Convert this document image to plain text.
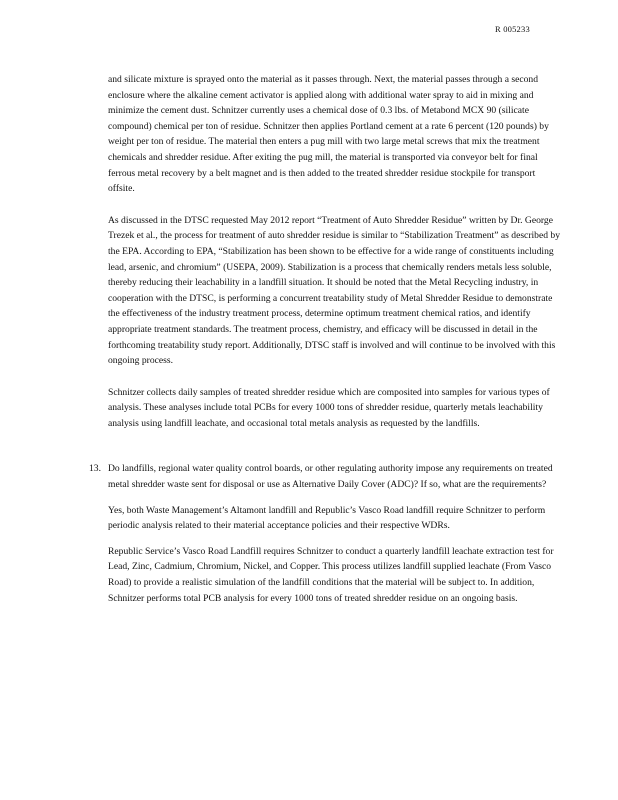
R 005233

and silicate mixture is sprayed onto the material as it passes through. Next, the material passes through a second enclosure where the alkaline cement activator is applied along with additional water spray to aid in mixing and minimize the cement dust. Schnitzer currently uses a chemical dose of 0.3 lbs. of Metabond MCX 90 (silicate compound) chemical per ton of residue. Schnitzer then applies Portland cement at a rate 6 percent (120 pounds) by weight per ton of residue. The material then enters a pug mill with two large metal screws that mix the treatment chemicals and shredder residue. After exiting the pug mill, the material is transported via conveyor belt for final ferrous metal recovery by a belt magnet and is then added to the treated shredder residue stockpile for transport offsite.

As discussed in the DTSC requested May 2012 report “Treatment of Auto Shredder Residue” written by Dr. George Trezek et al., the process for treatment of auto shredder residue is similar to “Stabilization Treatment” as described by the EPA. According to EPA, “Stabilization has been shown to be effective for a wide range of constituents including lead, arsenic, and chromium” (USEPA, 2009). Stabilization is a process that chemically renders metals less soluble, thereby reducing their leachability in a landfill situation. It should be noted that the Metal Recycling industry, in cooperation with the DTSC, is performing a concurrent treatability study of Metal Shredder Residue to demonstrate the effectiveness of the industry treatment process, determine optimum treatment chemical ratios, and identify appropriate treatment standards. The treatment process, chemistry, and efficacy will be discussed in detail in the forthcoming treatability study report. Additionally, DTSC staff is involved and will continue to be involved with this ongoing process.

Schnitzer collects daily samples of treated shredder residue which are composited into samples for various types of analysis. These analyses include total PCBs for every 1000 tons of shredder residue, quarterly metals leachability analysis using landfill leachate, and occasional total metals analysis as requested by the landfills.

13. Do landfills, regional water quality control boards, or other regulating authority impose any requirements on treated metal shredder waste sent for disposal or use as Alternative Daily Cover (ADC)? If so, what are the requirements?

Yes, both Waste Management’s Altamont landfill and Republic’s Vasco Road landfill require Schnitzer to perform periodic analysis related to their material acceptance policies and their respective WDRs.

Republic Service’s Vasco Road Landfill requires Schnitzer to conduct a quarterly landfill leachate extraction test for Lead, Zinc, Cadmium, Chromium, Nickel, and Copper. This process utilizes landfill supplied leachate (From Vasco Road) to provide a realistic simulation of the landfill conditions that the material will be subject to. In addition, Schnitzer performs total PCB analysis for every 1000 tons of treated shredder residue on an ongoing basis.
